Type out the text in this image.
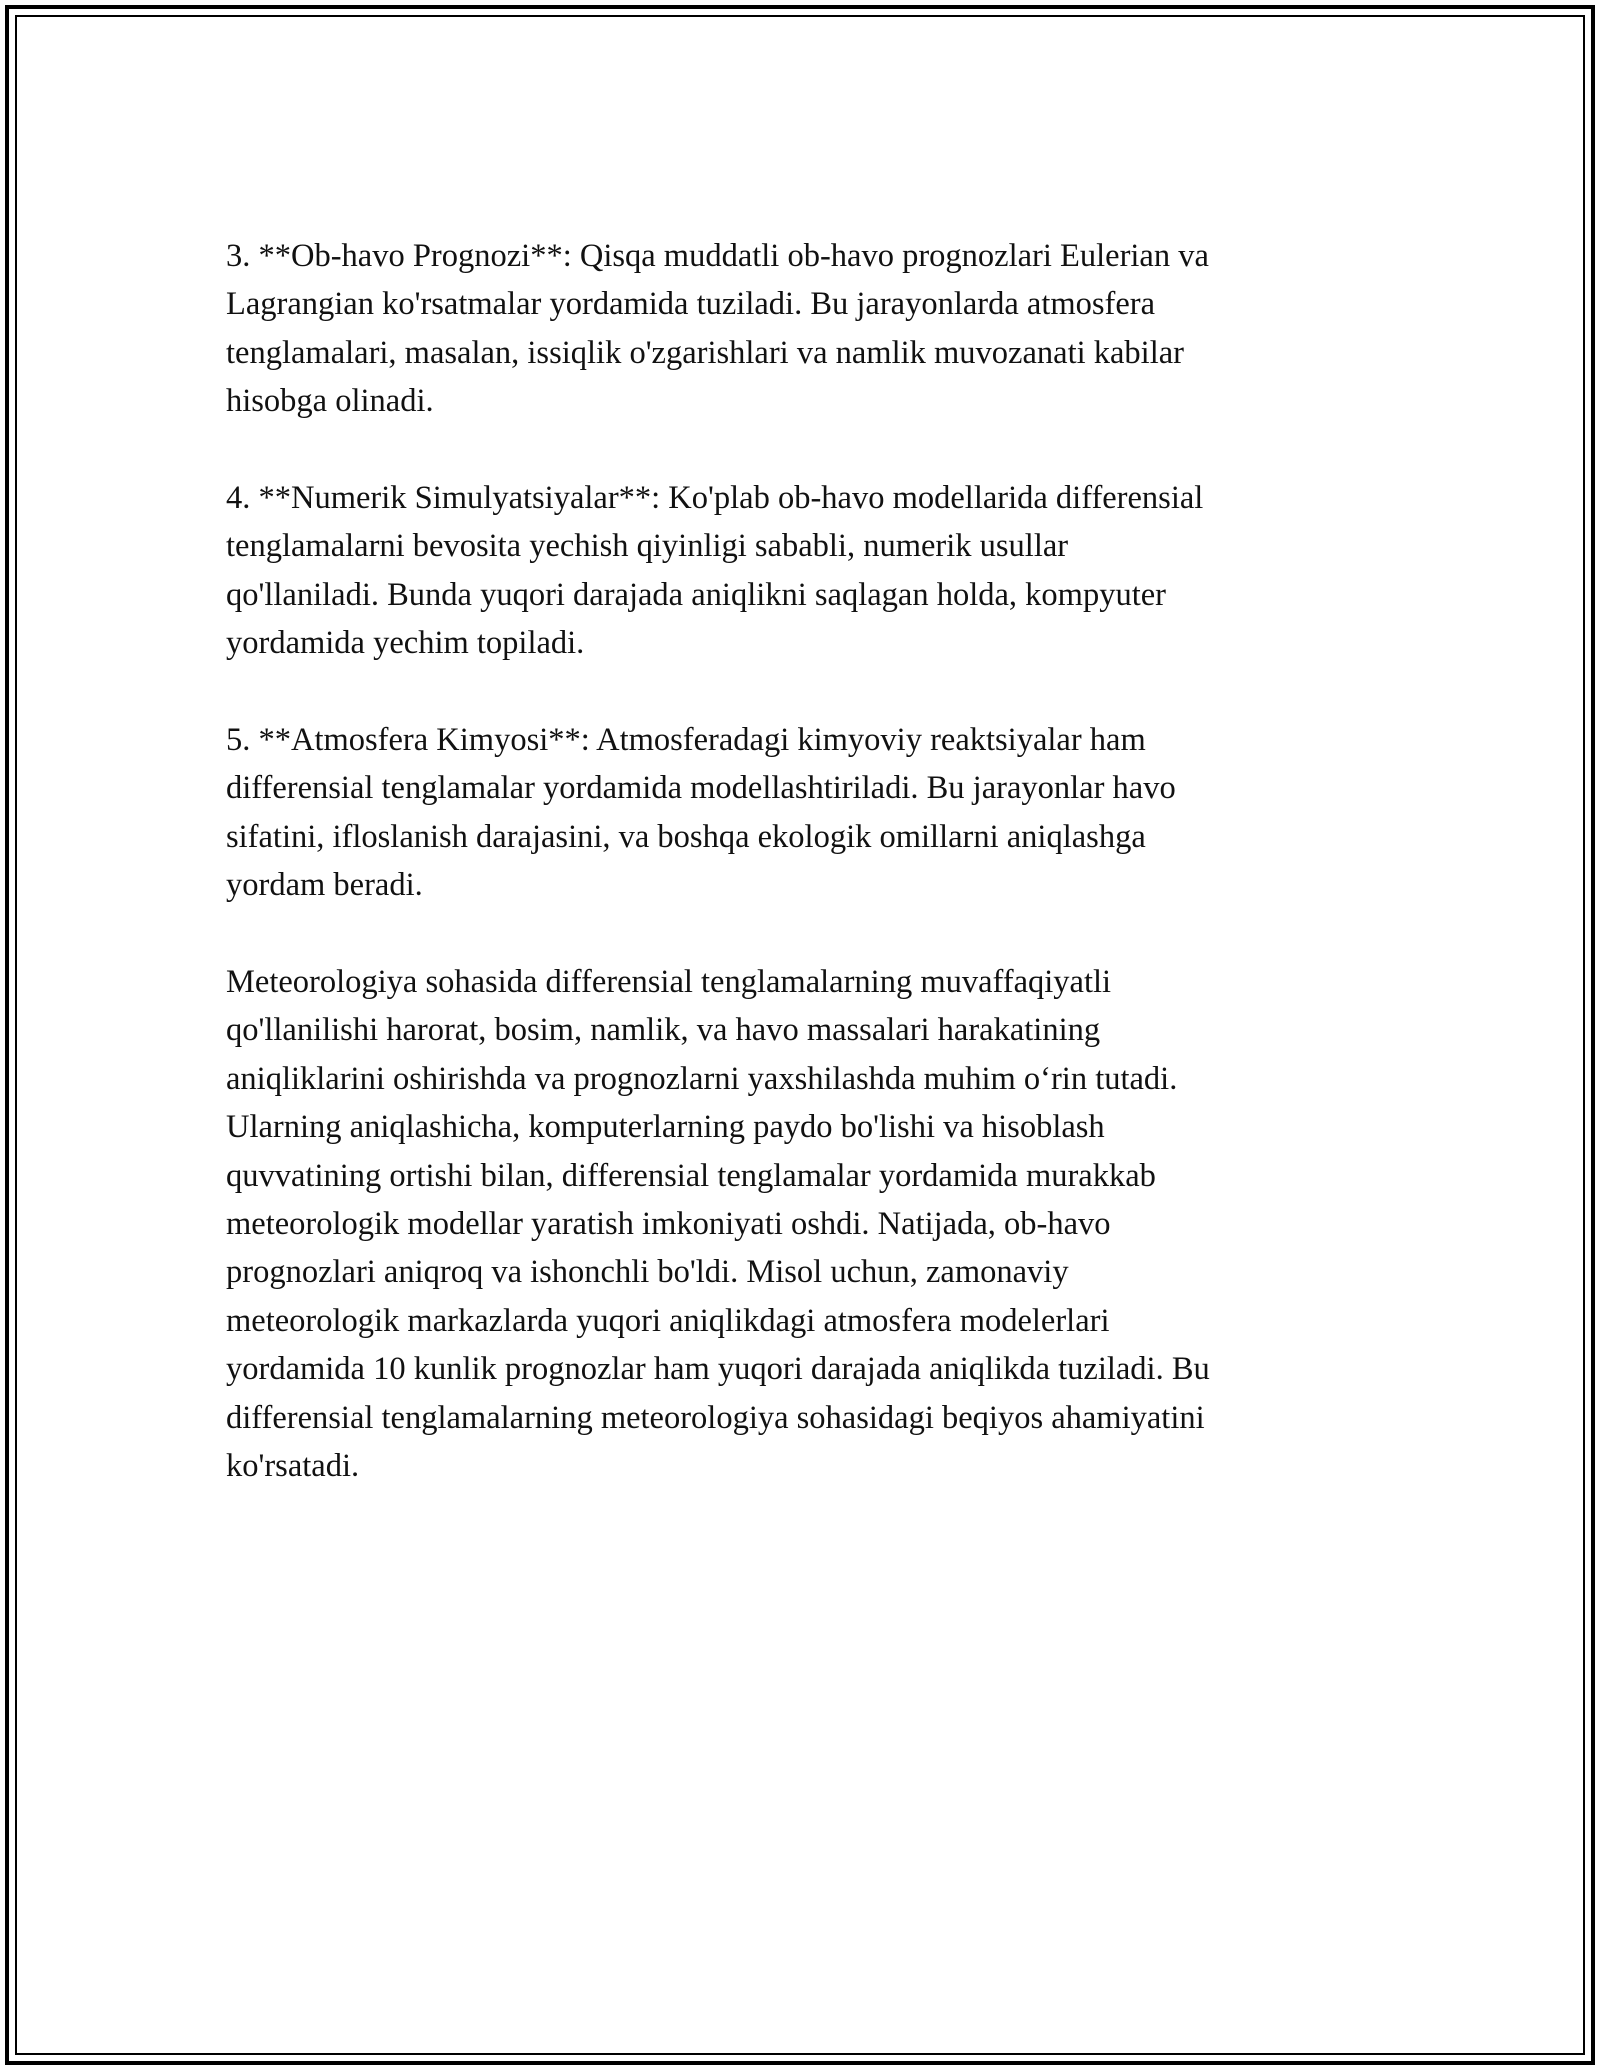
3. **Ob-havo Prognozi**: Qisqa muddatli ob-havo prognozlari Eulerian va
Lagrangian ko'rsatmalar yordamida tuziladi. Bu jarayonlarda atmosfera
tenglamalari, masalan, issiqlik o'zgarishlari va namlik muvozanati kabilar
hisobga olinadi.

4. **Numerik Simulyatsiyalar**: Ko'plab ob-havo modellarida differensial
tenglamalarni bevosita yechish qiyinligi sababli, numerik usullar
qo'llaniladi. Bunda yuqori darajada aniqlikni saqlagan holda, kompyuter
yordamida yechim topiladi.

5. **Atmosfera Kimyosi**: Atmosferadagi kimyoviy reaktsiyalar ham
differensial tenglamalar yordamida modellashtiriladi. Bu jarayonlar havo
sifatini, ifloslanish darajasini, va boshqa ekologik omillarni aniqlashga
yordam beradi.

Meteorologiya sohasida differensial tenglamalarning muvaffaqiyatli
qo'llanilishi harorat, bosim, namlik, va havo massalari harakatining
aniqliklarini oshirishda va prognozlarni yaxshilashda muhim o‘rin tutadi.
Ularning aniqlashicha, komputerlarning paydo bo'lishi va hisoblash
quvvatining ortishi bilan, differensial tenglamalar yordamida murakkab
meteorologik modellar yaratish imkoniyati oshdi. Natijada, ob-havo
prognozlari aniqroq va ishonchli bo'ldi. Misol uchun, zamonaviy
meteorologik markazlarda yuqori aniqlikdagi atmosfera modelerlari
yordamida 10 kunlik prognozlar ham yuqori darajada aniqlikda tuziladi. Bu
differensial tenglamalarning meteorologiya sohasidagi beqiyos ahamiyatini
ko'rsatadi.
